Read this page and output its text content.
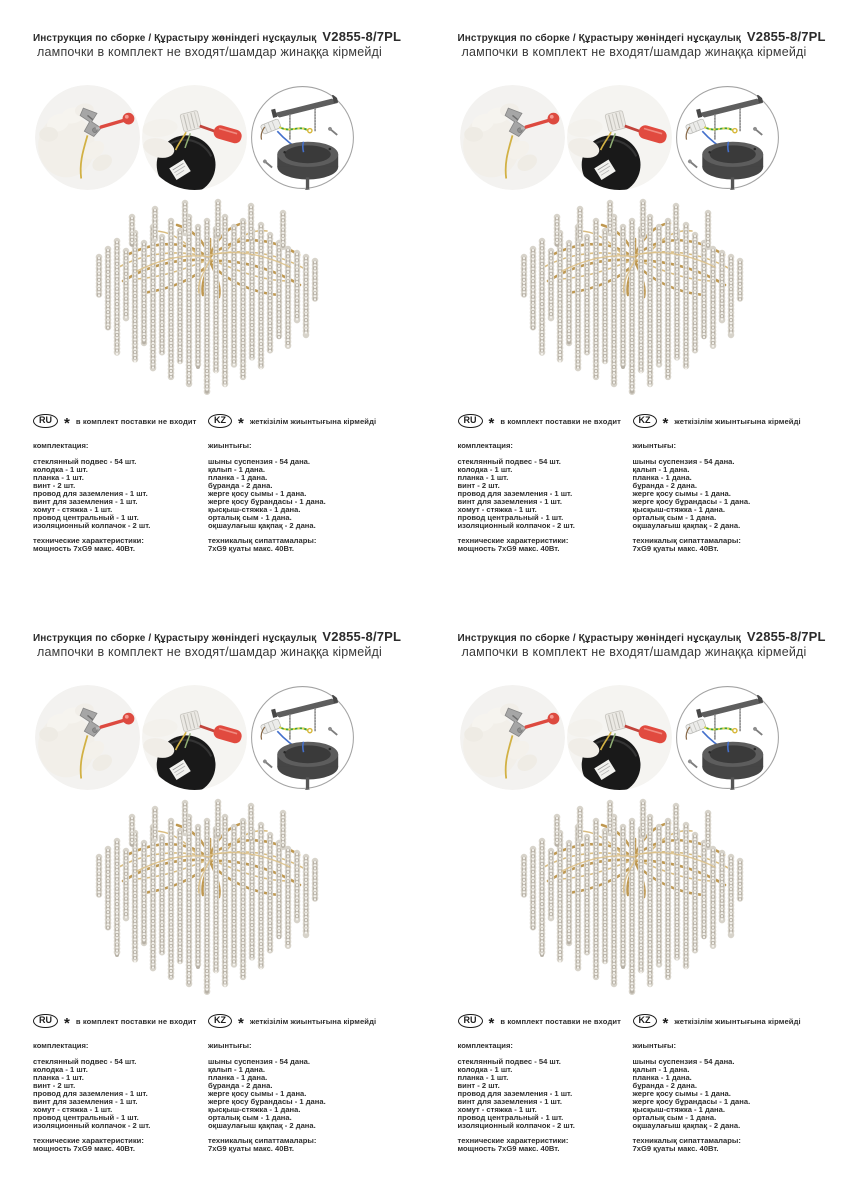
Инструкция по сборке / Құрастыру жөніндегі нұсқаулық V2855-8/7PL
лампочки в комплект не входят/шамдар жинаққа кірмейді
RU * в комплект поставки не входит
комплектация:
стеклянный подвес - 54 шт.
колодка - 1 шт.
планка - 1 шт.
винт - 2 шт.
провод для заземления - 1 шт.
винт для заземления - 1 шт.
хомут - стяжка - 1 шт.
провод центральный - 1 шт.
изоляционный колпачок - 2 шт.
технические характеристики:
мощность 7xG9 макс. 40Вт.
KZ * жеткізілім жиынтығына кірмейді
жиынтығы:
шыны суспензия - 54 дана.
қалып - 1 дана.
планка - 1 дана.
бұранда - 2 дана.
жерге қосу сымы - 1 дана.
жерге қосу бұрандасы - 1 дана.
қысқыш-стяжка - 1 дана.
орталық сым - 1 дана.
оқшаулағыш қақпақ - 2 дана.
техникалық сипаттамалары:
7xG9 қуаты макс. 40Вт.
Инструкция по сборке / Құрастыру жөніндегі нұсқаулық V2855-8/7PL
лампочки в комплект не входят/шамдар жинаққа кірмейді
RU * в комплект поставки не входит
комплектация:
стеклянный подвес - 54 шт.
колодка - 1 шт.
планка - 1 шт.
винт - 2 шт.
провод для заземления - 1 шт.
винт для заземления - 1 шт.
хомут - стяжка - 1 шт.
провод центральный - 1 шт.
изоляционный колпачок - 2 шт.
технические характеристики:
мощность 7xG9 макс. 40Вт.
KZ * жеткізілім жиынтығына кірмейді
жиынтығы:
шыны суспензия - 54 дана.
қалып - 1 дана.
планка - 1 дана.
бұранда - 2 дана.
жерге қосу сымы - 1 дана.
жерге қосу бұрандасы - 1 дана.
қысқыш-стяжка - 1 дана.
орталық сым - 1 дана.
оқшаулағыш қақпақ - 2 дана.
техникалық сипаттамалары:
7xG9 қуаты макс. 40Вт.
Инструкция по сборке / Құрастыру жөніндегі нұсқаулық V2855-8/7PL
лампочки в комплект не входят/шамдар жинаққа кірмейді
RU * в комплект поставки не входит
комплектация:
стеклянный подвес - 54 шт.
колодка - 1 шт.
планка - 1 шт.
винт - 2 шт.
провод для заземления - 1 шт.
винт для заземления - 1 шт.
хомут - стяжка - 1 шт.
провод центральный - 1 шт.
изоляционный колпачок - 2 шт.
технические характеристики:
мощность 7xG9 макс. 40Вт.
KZ * жеткізілім жиынтығына кірмейді
жиынтығы:
шыны суспензия - 54 дана.
қалып - 1 дана.
планка - 1 дана.
бұранда - 2 дана.
жерге қосу сымы - 1 дана.
жерге қосу бұрандасы - 1 дана.
қысқыш-стяжка - 1 дана.
орталық сым - 1 дана.
оқшаулағыш қақпақ - 2 дана.
техникалық сипаттамалары:
7xG9 қуаты макс. 40Вт.
Инструкция по сборке / Құрастыру жөніндегі нұсқаулық V2855-8/7PL
лампочки в комплект не входят/шамдар жинаққа кірмейді
RU * в комплект поставки не входит
комплектация:
стеклянный подвес - 54 шт.
колодка - 1 шт.
планка - 1 шт.
винт - 2 шт.
провод для заземления - 1 шт.
винт для заземления - 1 шт.
хомут - стяжка - 1 шт.
провод центральный - 1 шт.
изоляционный колпачок - 2 шт.
технические характеристики:
мощность 7xG9 макс. 40Вт.
KZ * жеткізілім жиынтығына кірмейді
жиынтығы:
шыны суспензия - 54 дана.
қалып - 1 дана.
планка - 1 дана.
бұранда - 2 дана.
жерге қосу сымы - 1 дана.
жерге қосу бұрандасы - 1 дана.
қысқыш-стяжка - 1 дана.
орталық сым - 1 дана.
оқшаулағыш қақпақ - 2 дана.
техникалық сипаттамалары:
7xG9 қуаты макс. 40Вт.
